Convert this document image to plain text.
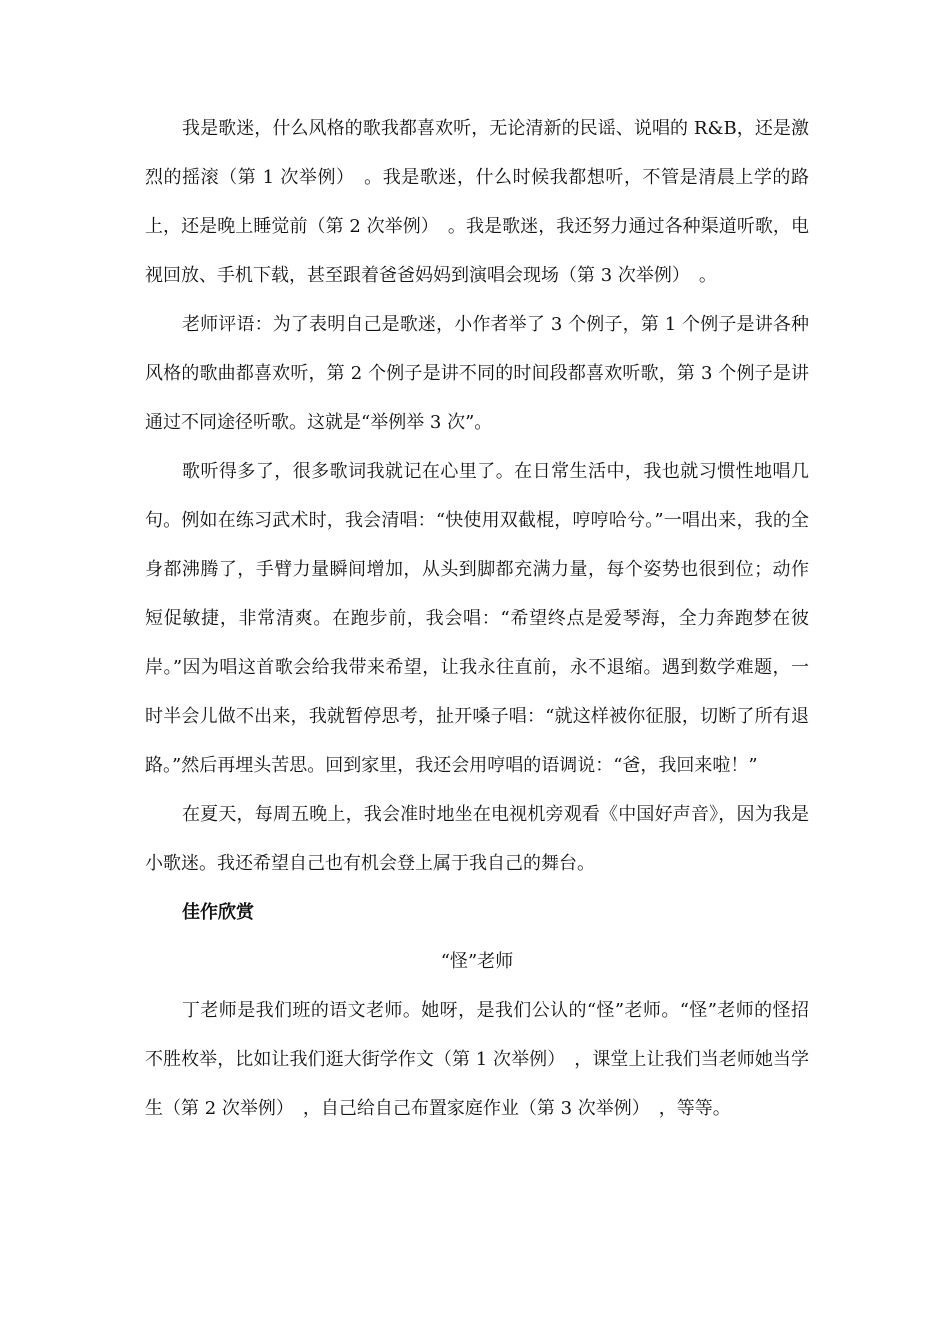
我是歌迷，什么风格的歌我都喜欢听，无论清新的民谣、说唱的 R&B，还是激烈的摇滚（第 1 次举例）　。我是歌迷，什么时候我都想听，不管是清晨上学的路上，还是晚上睡觉前（第 2 次举例）　。我是歌迷，我还努力通过各种渠道听歌，电视回放、手机下载，甚至跟着爸爸妈妈到演唱会现场（第 3 次举例）　。

老师评语：为了表明自己是歌迷，小作者举了 3 个例子，第 1 个例子是讲各种风格的歌曲都喜欢听，第 2 个例子是讲不同的时间段都喜欢听歌，第 3 个例子是讲通过不同途径听歌。这就是“举例举 3 次”。

歌听得多了，很多歌词我就记在心里了。在日常生活中，我也就习惯性地唱几句。例如在练习武术时，我会清唱：“快使用双截棍，哼哼哈兮。”一唱出来，我的全身都沸腾了，手臂力量瞬间增加，从头到脚都充满力量，每个姿势也很到位；动作短促敏捷，非常清爽。在跑步前，我会唱：“希望终点是爱琴海，全力奔跑梦在彼岸。”因为唱这首歌会给我带来希望，让我永往直前，永不退缩。遇到数学难题，一时半会儿做不出来，我就暂停思考，扯开嗓子唱：“就这样被你征服，切断了所有退路。”然后再埋头苦思。回到家里，我还会用哼唱的语调说：“爸，我回来啦！”

在夏天，每周五晚上，我会准时地坐在电视机旁观看《中国好声音》，因为我是小歌迷。我还希望自己也有机会登上属于我自己的舞台。

佳作欣赏

“怪”老师

丁老师是我们班的语文老师。她呀，是我们公认的“怪”老师。“怪”老师的怪招不胜枚举，比如让我们逛大街学作文（第 1 次举例）　，课堂上让我们当老师她当学生（第 2 次举例）　，自己给自己布置家庭作业（第 3 次举例）　，等等。
